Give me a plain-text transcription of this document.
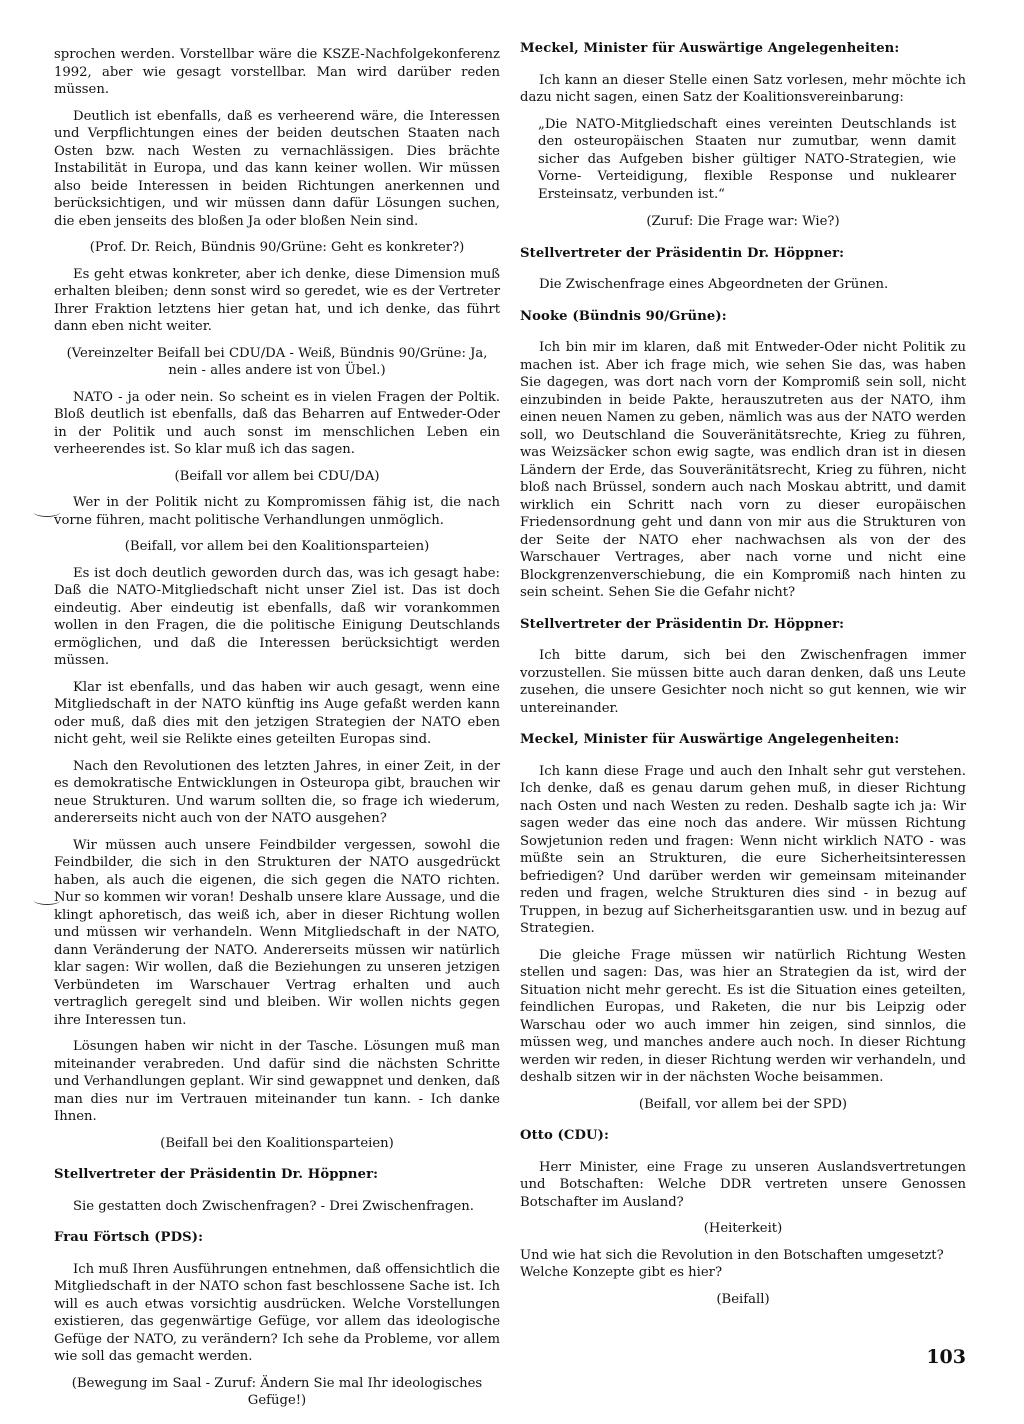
sprochen werden. Vorstellbar wäre die KSZE-Nachfolgekonferenz 1992, aber wie gesagt vorstellbar. Man wird darüber reden müssen.

Deutlich ist ebenfalls, daß es verheerend wäre, die Interessen und Verpflichtungen eines der beiden deutschen Staaten nach Osten bzw. nach Westen zu vernachlässigen. Dies brächte Instabilität in Europa, und das kann keiner wollen. Wir müssen also beide Interessen in beiden Richtungen anerkennen und berücksichtigen, und wir müssen dann dafür Lösungen suchen, die eben jenseits des bloßen Ja oder bloßen Nein sind.

(Prof. Dr. Reich, Bündnis 90/Grüne: Geht es konkreter?)

Es geht etwas konkreter, aber ich denke, diese Dimension muß erhalten bleiben; denn sonst wird so geredet, wie es der Vertreter Ihrer Fraktion letztens hier getan hat, und ich denke, das führt dann eben nicht weiter.

(Vereinzelter Beifall bei CDU/DA - Weiß, Bündnis 90/Grüne: Ja, nein - alles andere ist von Übel.)

NATO - ja oder nein. So scheint es in vielen Fragen der Poltik. Bloß deutlich ist ebenfalls, daß das Beharren auf Entweder-Oder in der Politik und auch sonst im menschlichen Leben ein verheerendes ist. So klar muß ich das sagen.

(Beifall vor allem bei CDU/DA)

Wer in der Politik nicht zu Kompromissen fähig ist, die nach vorne führen, macht politische Verhandlungen unmöglich.

(Beifall, vor allem bei den Koalitionsparteien)

Es ist doch deutlich geworden durch das, was ich gesagt habe: Daß die NATO-Mitgliedschaft nicht unser Ziel ist. Das ist doch eindeutig. Aber eindeutig ist ebenfalls, daß wir vorankommen wollen in den Fragen, die die politische Einigung Deutschlands ermöglichen, und daß die Interessen berücksichtigt werden müssen.

Klar ist ebenfalls, und das haben wir auch gesagt, wenn eine Mitgliedschaft in der NATO künftig ins Auge gefaßt werden kann oder muß, daß dies mit den jetzigen Strategien der NATO eben nicht geht, weil sie Relikte eines geteilten Europas sind.

Nach den Revolutionen des letzten Jahres, in einer Zeit, in der es demokratische Entwicklungen in Osteuropa gibt, brauchen wir neue Strukturen. Und warum sollten die, so frage ich wiederum, andererseits nicht auch von der NATO ausgehen?

Wir müssen auch unsere Feindbilder vergessen, sowohl die Feindbilder, die sich in den Strukturen der NATO ausgedrückt haben, als auch die eigenen, die sich gegen die NATO richten. Nur so kommen wir voran! Deshalb unsere klare Aussage, und die klingt aphoretisch, das weiß ich, aber in dieser Richtung wollen und müssen wir verhandeln. Wenn Mitgliedschaft in der NATO, dann Veränderung der NATO. Andererseits müssen wir natürlich klar sagen: Wir wollen, daß die Beziehungen zu unseren jetzigen Verbündeten im Warschauer Vertrag erhalten und auch vertraglich geregelt sind und bleiben. Wir wollen nichts gegen ihre Interessen tun.

Lösungen haben wir nicht in der Tasche. Lösungen muß man miteinander verabreden. Und dafür sind die nächsten Schritte und Verhandlungen geplant. Wir sind gewappnet und denken, daß man dies nur im Vertrauen miteinander tun kann. - Ich danke Ihnen.

(Beifall bei den Koalitionsparteien)

Stellvertreter der Präsidentin Dr. Höppner:

Sie gestatten doch Zwischenfragen? - Drei Zwischenfragen.

Frau Förtsch (PDS):

Ich muß Ihren Ausführungen entnehmen, daß offensichtlich die Mitgliedschaft in der NATO schon fast beschlossene Sache ist. Ich will es auch etwas vorsichtig ausdrücken. Welche Vorstellungen existieren, das gegenwärtige Gefüge, vor allem das ideologische Gefüge der NATO, zu verändern? Ich sehe da Probleme, vor allem wie soll das gemacht werden.

(Bewegung im Saal - Zuruf: Ändern Sie mal Ihr ideologisches Gefüge!)

Meckel, Minister für Auswärtige Angelegenheiten:

Ich kann an dieser Stelle einen Satz vorlesen, mehr möchte ich dazu nicht sagen, einen Satz der Koalitionsvereinbarung:

„Die NATO-Mitgliedschaft eines vereinten Deutschlands ist den osteuropäischen Staaten nur zumutbar, wenn damit sicher das Aufgeben bisher gültiger NATO-Strategien, wie Vorne- Verteidigung, flexible Response und nuklearer Ersteinsatz, verbunden ist.“

(Zuruf: Die Frage war: Wie?)

Stellvertreter der Präsidentin Dr. Höppner:

Die Zwischenfrage eines Abgeordneten der Grünen.

Nooke (Bündnis 90/Grüne):

Ich bin mir im klaren, daß mit Entweder-Oder nicht Politik zu machen ist. Aber ich frage mich, wie sehen Sie das, was haben Sie dagegen, was dort nach vorn der Kompromiß sein soll, nicht einzubinden in beide Pakte, herauszutreten aus der NATO, ihm einen neuen Namen zu geben, nämlich was aus der NATO werden soll, wo Deutschland die Souveränitätsrechte, Krieg zu führen, was Weizsäcker schon ewig sagte, was endlich dran ist in diesen Ländern der Erde, das Souveränitätsrecht, Krieg zu führen, nicht bloß nach Brüssel, sondern auch nach Moskau abtritt, und damit wirklich ein Schritt nach vorn zu dieser europäischen Friedensordnung geht und dann von mir aus die Strukturen von der Seite der NATO eher nachwachsen als von der des Warschauer Vertrages, aber nach vorne und nicht eine Blockgrenzenverschiebung, die ein Kompromiß nach hinten zu sein scheint. Sehen Sie die Gefahr nicht?

Stellvertreter der Präsidentin Dr. Höppner:

Ich bitte darum, sich bei den Zwischenfragen immer vorzustellen. Sie müssen bitte auch daran denken, daß uns Leute zusehen, die unsere Gesichter noch nicht so gut kennen, wie wir untereinander.

Meckel, Minister für Auswärtige Angelegenheiten:

Ich kann diese Frage und auch den Inhalt sehr gut verstehen. Ich denke, daß es genau darum gehen muß, in dieser Richtung nach Osten und nach Westen zu reden. Deshalb sagte ich ja: Wir sagen weder das eine noch das andere. Wir müssen Richtung Sowjetunion reden und fragen: Wenn nicht wirklich NATO - was müßte sein an Strukturen, die eure Sicherheitsinteressen befriedigen? Und darüber werden wir gemeinsam miteinander reden und fragen, welche Strukturen dies sind - in bezug auf Truppen, in bezug auf Sicherheitsgarantien usw. und in bezug auf Strategien.

Die gleiche Frage müssen wir natürlich Richtung Westen stellen und sagen: Das, was hier an Strategien da ist, wird der Situation nicht mehr gerecht. Es ist die Situation eines geteilten, feindlichen Europas, und Raketen, die nur bis Leipzig oder Warschau oder wo auch immer hin zeigen, sind sinnlos, die müssen weg, und manches andere auch noch. In dieser Richtung werden wir reden, in dieser Richtung werden wir verhandeln, und deshalb sitzen wir in der nächsten Woche beisammen.

(Beifall, vor allem bei der SPD)

Otto (CDU):

Herr Minister, eine Frage zu unseren Auslandsvertretungen und Botschaften: Welche DDR vertreten unsere Genossen Botschafter im Ausland?

(Heiterkeit)

Und wie hat sich die Revolution in den Botschaften umgesetzt? Welche Konzepte gibt es hier?

(Beifall)

103
